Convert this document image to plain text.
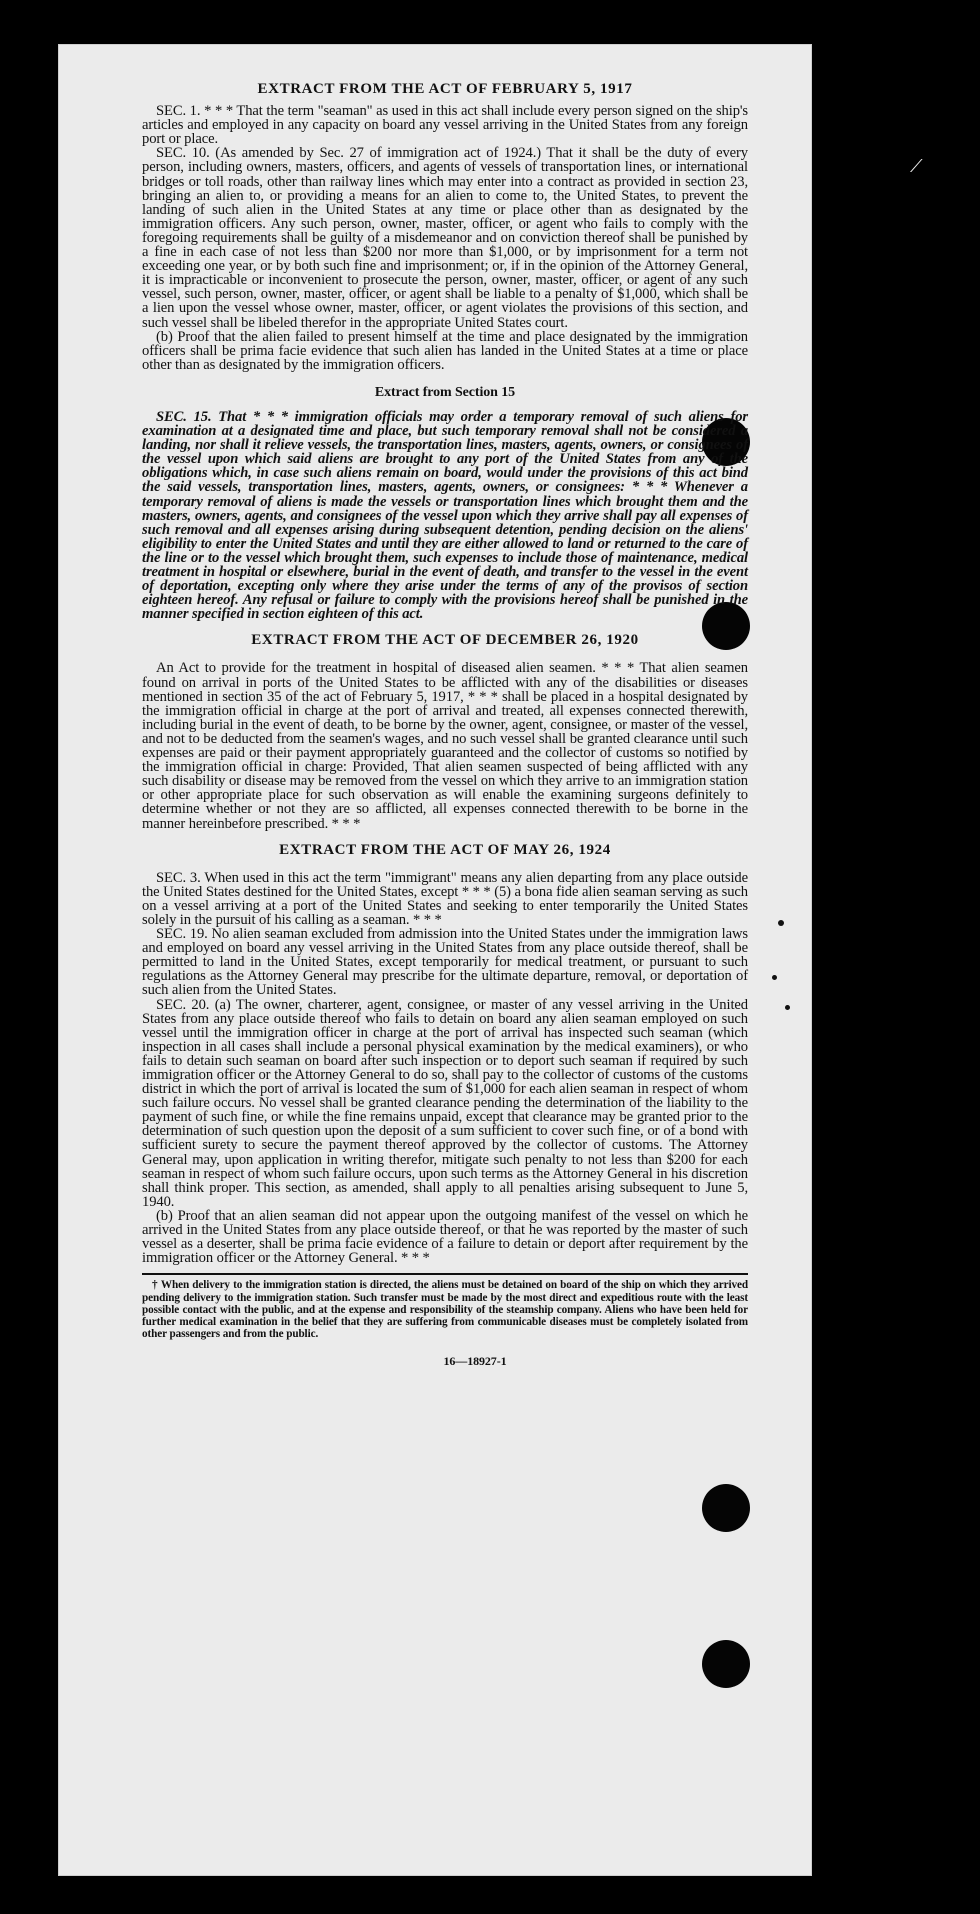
⟋
EXTRACT FROM THE ACT OF FEBRUARY 5, 1917

SEC. 1. * * * That the term "seaman" as used in this act shall include every person signed on the ship's articles and employed in any capacity on board any vessel arriving in the United States from any foreign port or place.

SEC. 10. (As amended by Sec. 27 of immigration act of 1924.) That it shall be the duty of every person, including owners, masters, officers, and agents of vessels of transportation lines, or international bridges or toll roads, other than railway lines which may enter into a contract as provided in section 23, bringing an alien to, or providing a means for an alien to come to, the United States, to prevent the landing of such alien in the United States at any time or place other than as designated by the immigration officers. Any such person, owner, master, officer, or agent who fails to comply with the foregoing requirements shall be guilty of a misdemeanor and on conviction thereof shall be punished by a fine in each case of not less than $200 nor more than $1,000, or by imprisonment for a term not exceeding one year, or by both such fine and imprisonment; or, if in the opinion of the Attorney General, it is impracticable or inconvenient to prosecute the person, owner, master, officer, or agent of any such vessel, such person, owner, master, officer, or agent shall be liable to a penalty of $1,000, which shall be a lien upon the vessel whose owner, master, officer, or agent violates the provisions of this section, and such vessel shall be libeled therefor in the appropriate United States court.

(b) Proof that the alien failed to present himself at the time and place designated by the immigration officers shall be prima facie evidence that such alien has landed in the United States at a time or place other than as designated by the immigration officers.

Extract from Section 15

SEC. 15. That * * * immigration officials may order a temporary removal of such aliens for examination at a designated time and place, but such temporary removal shall not be considered a landing, nor shall it relieve vessels, the transportation lines, masters, agents, owners, or consignees of the vessel upon which said aliens are brought to any port of the United States from any of the obligations which, in case such aliens remain on board, would under the provisions of this act bind the said vessels, transportation lines, masters, agents, owners, or consignees: * * * Whenever a temporary removal of aliens is made the vessels or transportation lines which brought them and the masters, owners, agents, and consignees of the vessel upon which they arrive shall pay all expenses of such removal and all expenses arising during subsequent detention, pending decision on the aliens' eligibility to enter the United States and until they are either allowed to land or returned to the care of the line or to the vessel which brought them, such expenses to include those of maintenance, medical treatment in hospital or elsewhere, burial in the event of death, and transfer to the vessel in the event of deportation, excepting only where they arise under the terms of any of the provisos of section eighteen hereof. Any refusal or failure to comply with the provisions hereof shall be punished in the manner specified in section eighteen of this act.

EXTRACT FROM THE ACT OF DECEMBER 26, 1920

An Act to provide for the treatment in hospital of diseased alien seamen. * * * That alien seamen found on arrival in ports of the United States to be afflicted with any of the disabilities or diseases mentioned in section 35 of the act of February 5, 1917, * * * shall be placed in a hospital designated by the immigration official in charge at the port of arrival and treated, all expenses connected therewith, including burial in the event of death, to be borne by the owner, agent, consignee, or master of the vessel, and not to be deducted from the seamen's wages, and no such vessel shall be granted clearance until such expenses are paid or their payment appropriately guaranteed and the collector of customs so notified by the immigration official in charge: Provided, That alien seamen suspected of being afflicted with any such disability or disease may be removed from the vessel on which they arrive to an immigration station or other appropriate place for such observation as will enable the examining surgeons definitely to determine whether or not they are so afflicted, all expenses connected therewith to be borne in the manner hereinbefore prescribed. * * *

EXTRACT FROM THE ACT OF MAY 26, 1924

SEC. 3. When used in this act the term "immigrant" means any alien departing from any place outside the United States destined for the United States, except * * * (5) a bona fide alien seaman serving as such on a vessel arriving at a port of the United States and seeking to enter temporarily the United States solely in the pursuit of his calling as a seaman. * * *

SEC. 19. No alien seaman excluded from admission into the United States under the immigration laws and employed on board any vessel arriving in the United States from any place outside thereof, shall be permitted to land in the United States, except temporarily for medical treatment, or pursuant to such regulations as the Attorney General may prescribe for the ultimate departure, removal, or deportation of such alien from the United States.

SEC. 20. (a) The owner, charterer, agent, consignee, or master of any vessel arriving in the United States from any place outside thereof who fails to detain on board any alien seaman employed on such vessel until the immigration officer in charge at the port of arrival has inspected such seaman (which inspection in all cases shall include a personal physical examination by the medical examiners), or who fails to detain such seaman on board after such inspection or to deport such seaman if required by such immigration officer or the Attorney General to do so, shall pay to the collector of customs of the customs district in which the port of arrival is located the sum of $1,000 for each alien seaman in respect of whom such failure occurs. No vessel shall be granted clearance pending the determination of the liability to the payment of such fine, or while the fine remains unpaid, except that clearance may be granted prior to the determination of such question upon the deposit of a sum sufficient to cover such fine, or of a bond with sufficient surety to secure the payment thereof approved by the collector of customs. The Attorney General may, upon application in writing therefor, mitigate such penalty to not less than $200 for each seaman in respect of whom such failure occurs, upon such terms as the Attorney General in his discretion shall think proper. This section, as amended, shall apply to all penalties arising subsequent to June 5, 1940.

(b) Proof that an alien seaman did not appear upon the outgoing manifest of the vessel on which he arrived in the United States from any place outside thereof, or that he was reported by the master of such vessel as a deserter, shall be prima facie evidence of a failure to detain or deport after requirement by the immigration officer or the Attorney General. * * *

† When delivery to the immigration station is directed, the aliens must be detained on board of the ship on which they arrived pending delivery to the immigration station. Such transfer must be made by the most direct and expeditious route with the least possible contact with the public, and at the expense and responsibility of the steamship company. Aliens who have been held for further medical examination in the belief that they are suffering from communicable diseases must be completely isolated from other passengers and from the public.

16—18927-1
